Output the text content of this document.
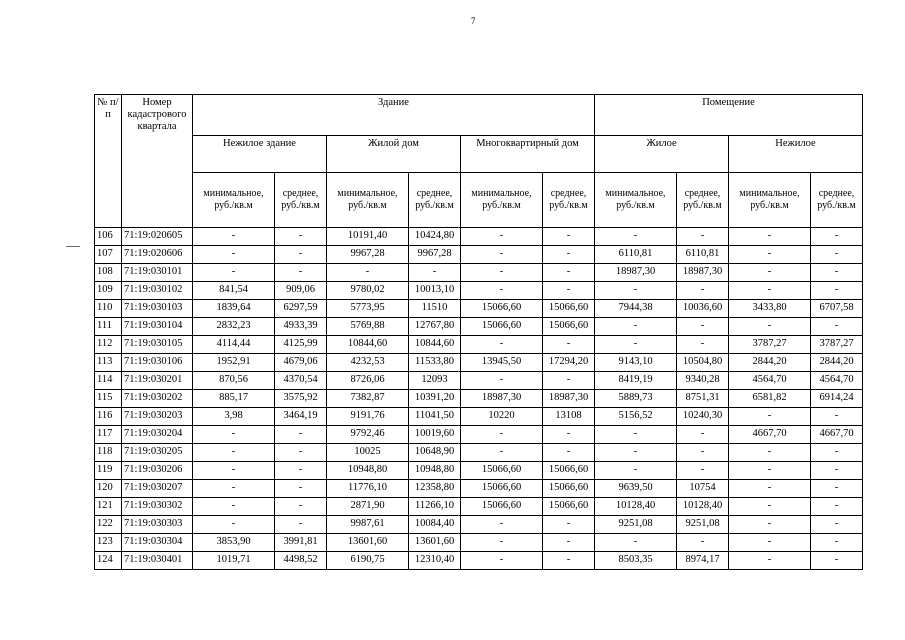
7
№ п/п	Номер кадастрового квартала	Здание						Помещение			
		Нежилое здание		Жилой дом		Многоквартирный дом		Жилое		Нежилое	
		минимальное, руб./кв.м	среднее, руб./кв.м	минимальное, руб./кв.м	среднее, руб./кв.м	минимальное, руб./кв.м	среднее, руб./кв.м	минимальное, руб./кв.м	среднее, руб./кв.м	минимальное, руб./кв.м	среднее, руб./кв.м
106	71:19:020605	-	-	10191,40	10424,80	-	-	-	-	-	-
107	71:19:020606	-	-	9967,28	9967,28	-	-	6110,81	6110,81	-	-
108	71:19:030101	-	-	-	-	-	-	18987,30	18987,30	-	-
109	71:19:030102	841,54	909,06	9780,02	10013,10	-	-	-	-	-	-
110	71:19:030103	1839,64	6297,59	5773,95	11510	15066,60	15066,60	7944,38	10036,60	3433,80	6707,58
111	71:19:030104	2832,23	4933,39	5769,88	12767,80	15066,60	15066,60	-	-	-	-
112	71:19:030105	4114,44	4125,99	10844,60	10844,60	-	-	-	-	3787,27	3787,27
113	71:19:030106	1952,91	4679,06	4232,53	11533,80	13945,50	17294,20	9143,10	10504,80	2844,20	2844,20
114	71:19:030201	870,56	4370,54	8726,06	12093	-	-	8419,19	9340,28	4564,70	4564,70
115	71:19:030202	885,17	3575,92	7382,87	10391,20	18987,30	18987,30	5889,73	8751,31	6581,82	6914,24
116	71:19:030203	3,98	3464,19	9191,76	11041,50	10220	13108	5156,52	10240,30	-	-
117	71:19:030204	-	-	9792,46	10019,60	-	-	-	-	4667,70	4667,70
118	71:19:030205	-	-	10025	10648,90	-	-	-	-	-	-
119	71:19:030206	-	-	10948,80	10948,80	15066,60	15066,60	-	-	-	-
120	71:19:030207	-	-	11776,10	12358,80	15066,60	15066,60	9639,50	10754	-	-
121	71:19:030302	-	-	2871,90	11266,10	15066,60	15066,60	10128,40	10128,40	-	-
122	71:19:030303	-	-	9987,61	10084,40	-	-	9251,08	9251,08	-	-
123	71:19:030304	3853,90	3991,81	13601,60	13601,60	-	-	-	-	-	-
124	71:19:030401	1019,71	4498,52	6190,75	12310,40	-	-	8503,35	8974,17	-	-
